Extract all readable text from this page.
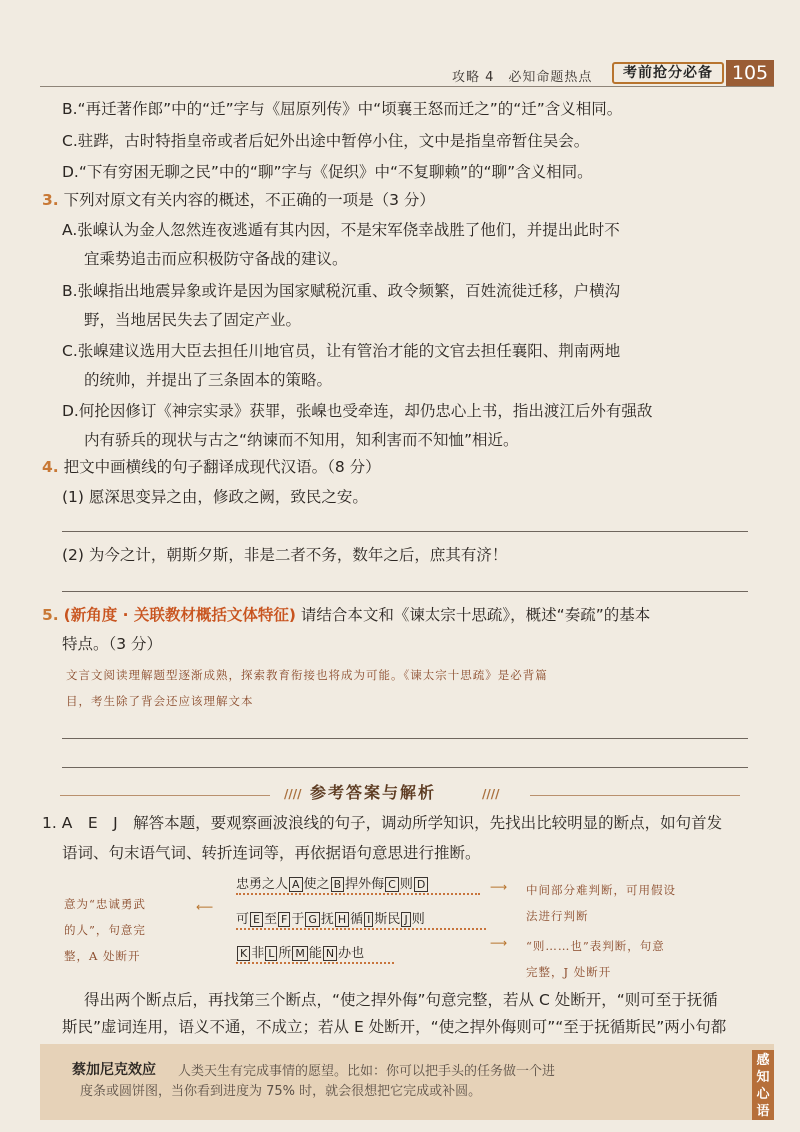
攻略 4　必知命题热点	考前抢分必备 105
B.“再迁著作郎”中的“迁”字与《屈原列传》中“顷襄王怒而迁之”的“迁”含义相同。
C.驻跸，古时特指皇帝或者后妃外出途中暂停小住，文中是指皇帝暂住吴会。
D.“下有穷困无聊之民”中的“聊”字与《促织》中“不复聊赖”的“聊”含义相同。
3. 下列对原文有关内容的概述，不正确的一项是（3 分）
A.张嵲认为金人忽然连夜逃遁有其内因，不是宋军侥幸战胜了他们，并提出此时不
宜乘势追击而应积极防守备战的建议。
B.张嵲指出地震异象或许是因为国家赋税沉重、政令频繁，百姓流徙迁移，户横沟
野，当地居民失去了固定产业。
C.张嵲建议选用大臣去担任川地官员，让有管治才能的文官去担任襄阳、荆南两地
的统帅，并提出了三条固本的策略。
D.何抡因修订《神宗实录》获罪，张嵲也受牵连，却仍忠心上书，指出渡江后外有强敌
内有骄兵的现状与古之“纳谏而不知用，知利害而不知恤”相近。
4. 把文中画横线的句子翻译成现代汉语。（8 分）
(1) 愿深思变异之由，修政之阙，致民之安。
(2) 为今之计，朝斯夕斯，非是二者不务，数年之后，庶其有济！
5. (新角度 · 关联教材概括文体特征) 请结合本文和《谏太宗十思疏》，概述“奏疏”的基本
特点。（3 分）
文言文阅读理解题型逐渐成熟，探索教育衔接也将成为可能。《谏太宗十思疏》是必背篇
目，考生除了背会还应该理解文本
//// 参考答案与解析	////
1. A　E　J　解答本题，要观察画波浪线的句子，调动所学知识，先找出比较明显的断点，如句首发
语词、句末语气词、转折连词等，再依据语句意思进行推断。
忠勇之人 A 使之 B 捍外侮 C 则 D
可 E 至 F 于 G 抚 H 循 I 斯民 J 则
K 非 L 所 M 能 N 办也
意为“忠诚勇武
的人”，句意完
整，A 处断开
⟵
⟶ 中间部分难判断，可用假设
法进行判断
⟶ “则……也”表判断，句意
完整，J 处断开
得出两个断点后，再找第三个断点，“使之捍外侮”句意完整，若从 C 处断开，“则可至于抚循
斯民”虚词连用，语义不通，不成立；若从 E 处断开，“使之捍外侮则可”“至于抚循斯民”两小句都
蔡加尼克效应 人类天生有完成事情的愿望。比如：你可以把手头的任务做一个进
度条或圆饼图，当你看到进度为 75% 时，就会很想把它完成或补圆。
感知心语
